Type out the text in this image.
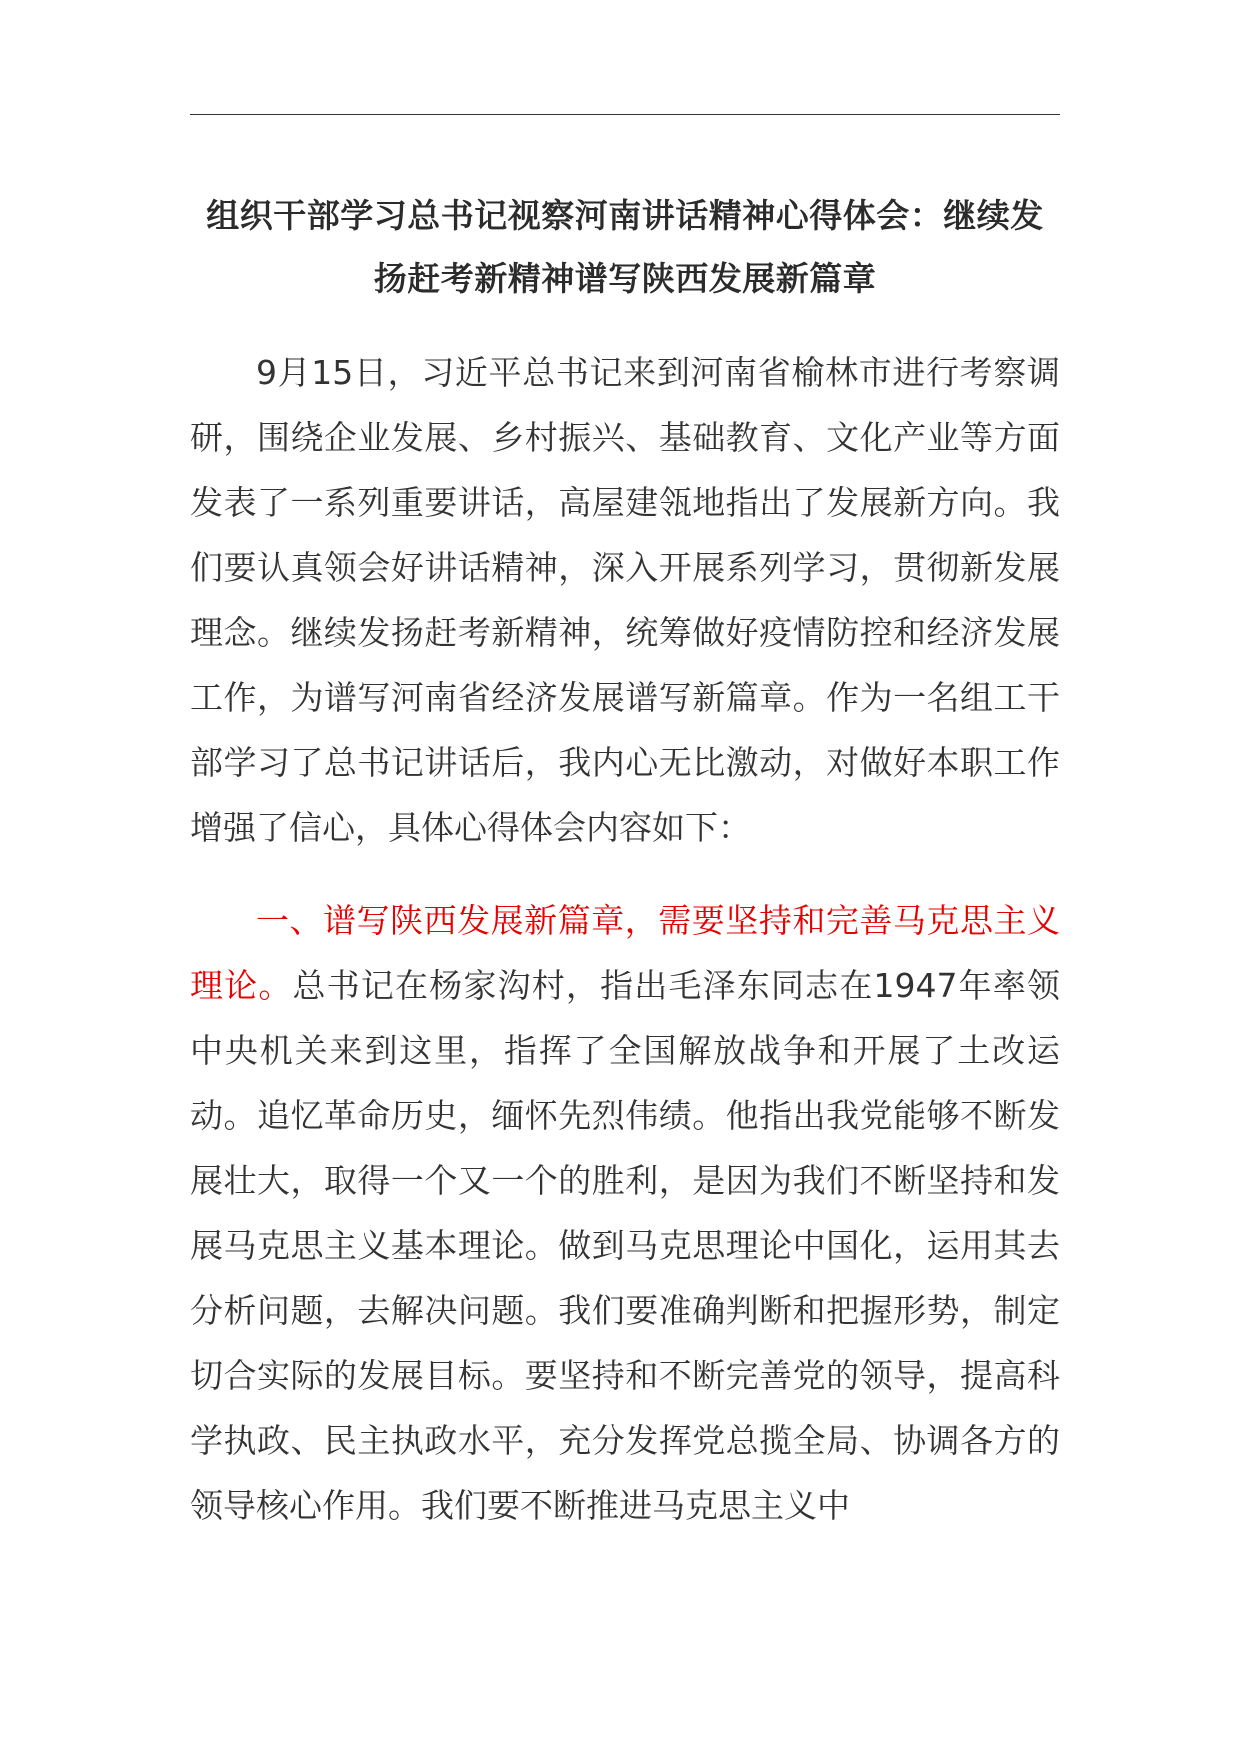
组织干部学习总书记视察河南讲话精神心得体会：继续发扬赶考新精神谱写陕西发展新篇章

9月15日，习近平总书记来到河南省榆林市进行考察调研，围绕企业发展、乡村振兴、基础教育、文化产业等方面发表了一系列重要讲话，高屋建瓴地指出了发展新方向。我们要认真领会好讲话精神，深入开展系列学习，贯彻新发展理念。继续发扬赶考新精神，统筹做好疫情防控和经济发展工作，为谱写河南省经济发展谱写新篇章。作为一名组工干部学习了总书记讲话后，我内心无比激动，对做好本职工作增强了信心，具体心得体会内容如下：

一、谱写陕西发展新篇章，需要坚持和完善马克思主义理论。总书记在杨家沟村，指出毛泽东同志在1947年率领中央机关来到这里，指挥了全国解放战争和开展了土改运动。追忆革命历史，缅怀先烈伟绩。他指出我党能够不断发展壮大，取得一个又一个的胜利，是因为我们不断坚持和发展马克思主义基本理论。做到马克思理论中国化，运用其去分析问题，去解决问题。我们要准确判断和把握形势，制定切合实际的发展目标。要坚持和不断完善党的领导，提高科学执政、民主执政水平，充分发挥党总揽全局、协调各方的领导核心作用。我们要不断推进马克思主义中
